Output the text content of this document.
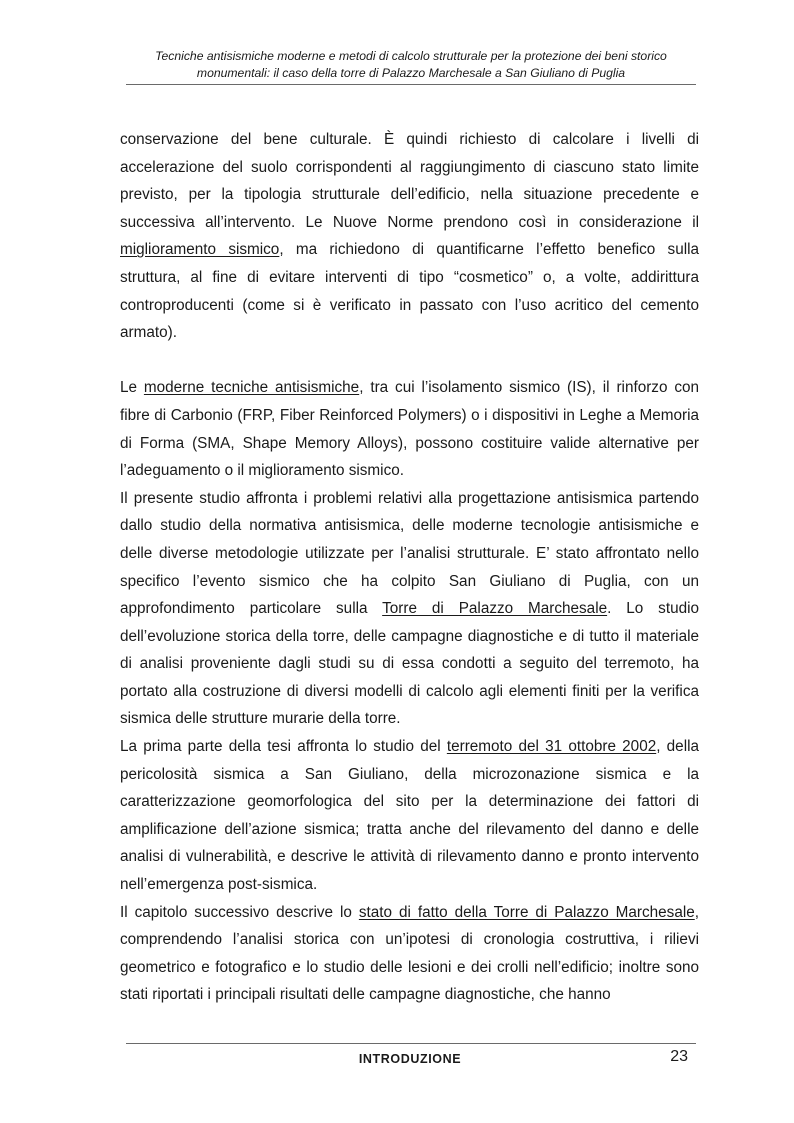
Tecniche antisismiche moderne e metodi di calcolo strutturale per la protezione dei beni storico
monumentali: il caso della torre di Palazzo Marchesale a San Giuliano di Puglia

conservazione del bene culturale. È quindi richiesto di calcolare i livelli di accelerazione del suolo corrispondenti al raggiungimento di ciascuno stato limite previsto, per la tipologia strutturale dell’edificio, nella situazione precedente e successiva all’intervento. Le Nuove Norme prendono così in considerazione il miglioramento sismico, ma richiedono di quantificarne l’effetto benefico sulla struttura, al fine di evitare interventi di tipo “cosmetico” o, a volte, addirittura controproducenti (come si è verificato in passato con l’uso acritico del cemento armato).

Le moderne tecniche antisismiche, tra cui l’isolamento sismico (IS), il rinforzo con fibre di Carbonio (FRP, Fiber Reinforced Polymers) o i dispositivi in Leghe a Memoria di Forma (SMA, Shape Memory Alloys), possono costituire valide alternative per l’adeguamento o il miglioramento sismico.

Il presente studio affronta i problemi relativi alla progettazione antisismica partendo dallo studio della normativa antisismica, delle moderne tecnologie antisismiche e delle diverse metodologie utilizzate per l’analisi strutturale. E’ stato affrontato nello specifico l’evento sismico che ha colpito San Giuliano di Puglia, con un approfondimento particolare sulla Torre di Palazzo Marchesale. Lo studio dell’evoluzione storica della torre, delle campagne diagnostiche e di tutto il materiale di analisi proveniente dagli studi su di essa condotti a seguito del terremoto, ha portato alla costruzione di diversi modelli di calcolo agli elementi finiti per la verifica sismica delle strutture murarie della torre.

La prima parte della tesi affronta lo studio del terremoto del 31 ottobre 2002, della pericolosità sismica a San Giuliano, della microzonazione sismica e la caratterizzazione geomorfologica del sito per la determinazione dei fattori di amplificazione dell’azione sismica; tratta anche del rilevamento del danno e delle analisi di vulnerabilità, e descrive le attività di rilevamento danno e pronto intervento nell’emergenza post-sismica.

Il capitolo successivo descrive lo stato di fatto della Torre di Palazzo Marchesale, comprendendo l’analisi storica con un’ipotesi di cronologia costruttiva, i rilievi geometrico e fotografico e lo studio delle lesioni e dei crolli nell’edificio; inoltre sono stati riportati i principali risultati delle campagne diagnostiche, che hanno

INTRODUZIONE	23
